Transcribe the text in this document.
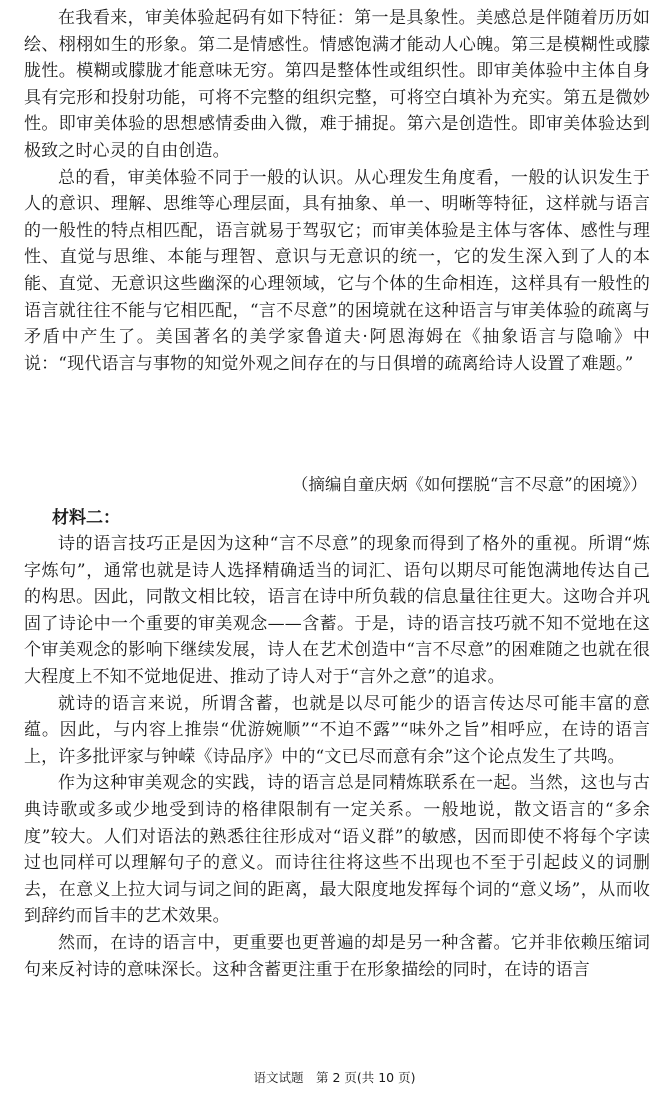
在我看来，审美体验起码有如下特征：第一是具象性。美感总是伴随着历历如绘、栩栩如生的形象。第二是情感性。情感饱满才能动人心魄。第三是模糊性或朦胧性。模糊或朦胧才能意味无穷。第四是整体性或组织性。即审美体验中主体自身具有完形和投射功能，可将不完整的组织完整，可将空白填补为充实。第五是微妙性。即审美体验的思想感情委曲入微，难于捕捉。第六是创造性。即审美体验达到极致之时心灵的自由创造。

总的看，审美体验不同于一般的认识。从心理发生角度看，一般的认识发生于人的意识、理解、思维等心理层面，具有抽象、单一、明晰等特征，这样就与语言的一般性的特点相匹配，语言就易于驾驭它；而审美体验是主体与客体、感性与理性、直觉与思维、本能与理智、意识与无意识的统一，它的发生深入到了人的本能、直觉、无意识这些幽深的心理领域，它与个体的生命相连，这样具有一般性的语言就往往不能与它相匹配，“言不尽意”的困境就在这种语言与审美体验的疏离与矛盾中产生了。美国著名的美学家鲁道夫·阿恩海姆在《抽象语言与隐喻》中说：“现代语言与事物的知觉外观之间存在的与日俱增的疏离给诗人设置了难题。”

（摘编自童庆炳《如何摆脱“言不尽意”的困境》）
材料二：

诗的语言技巧正是因为这种“言不尽意”的现象而得到了格外的重视。所谓“炼字炼句”，通常也就是诗人选择精确适当的词汇、语句以期尽可能饱满地传达自己的构思。因此，同散文相比较，语言在诗中所负载的信息量往往更大。这吻合并巩固了诗论中一个重要的审美观念——含蓄。于是，诗的语言技巧就不知不觉地在这个审美观念的影响下继续发展，诗人在艺术创造中“言不尽意”的困难随之也就在很大程度上不知不觉地促进、推动了诗人对于“言外之意”的追求。

就诗的语言来说，所谓含蓄，也就是以尽可能少的语言传达尽可能丰富的意蕴。因此，与内容上推崇“优游婉顺”“不迫不露”“味外之旨”相呼应，在诗的语言上，许多批评家与钟嵘《诗品序》中的“文已尽而意有余”这个论点发生了共鸣。

作为这种审美观念的实践，诗的语言总是同精炼联系在一起。当然，这也与古典诗歌或多或少地受到诗的格律限制有一定关系。一般地说，散文语言的“多余度”较大。人们对语法的熟悉往往形成对“语义群”的敏感，因而即使不将每个字读过也同样可以理解句子的意义。而诗往往将这些不出现也不至于引起歧义的词删去，在意义上拉大词与词之间的距离，最大限度地发挥每个词的“意义场”，从而收到辞约而旨丰的艺术效果。

然而，在诗的语言中，更重要也更普遍的却是另一种含蓄。它并非依赖压缩词句来反衬诗的意味深长。这种含蓄更注重于在形象描绘的同时，在诗的语言

语文试题　第 2 页(共 10 页)
